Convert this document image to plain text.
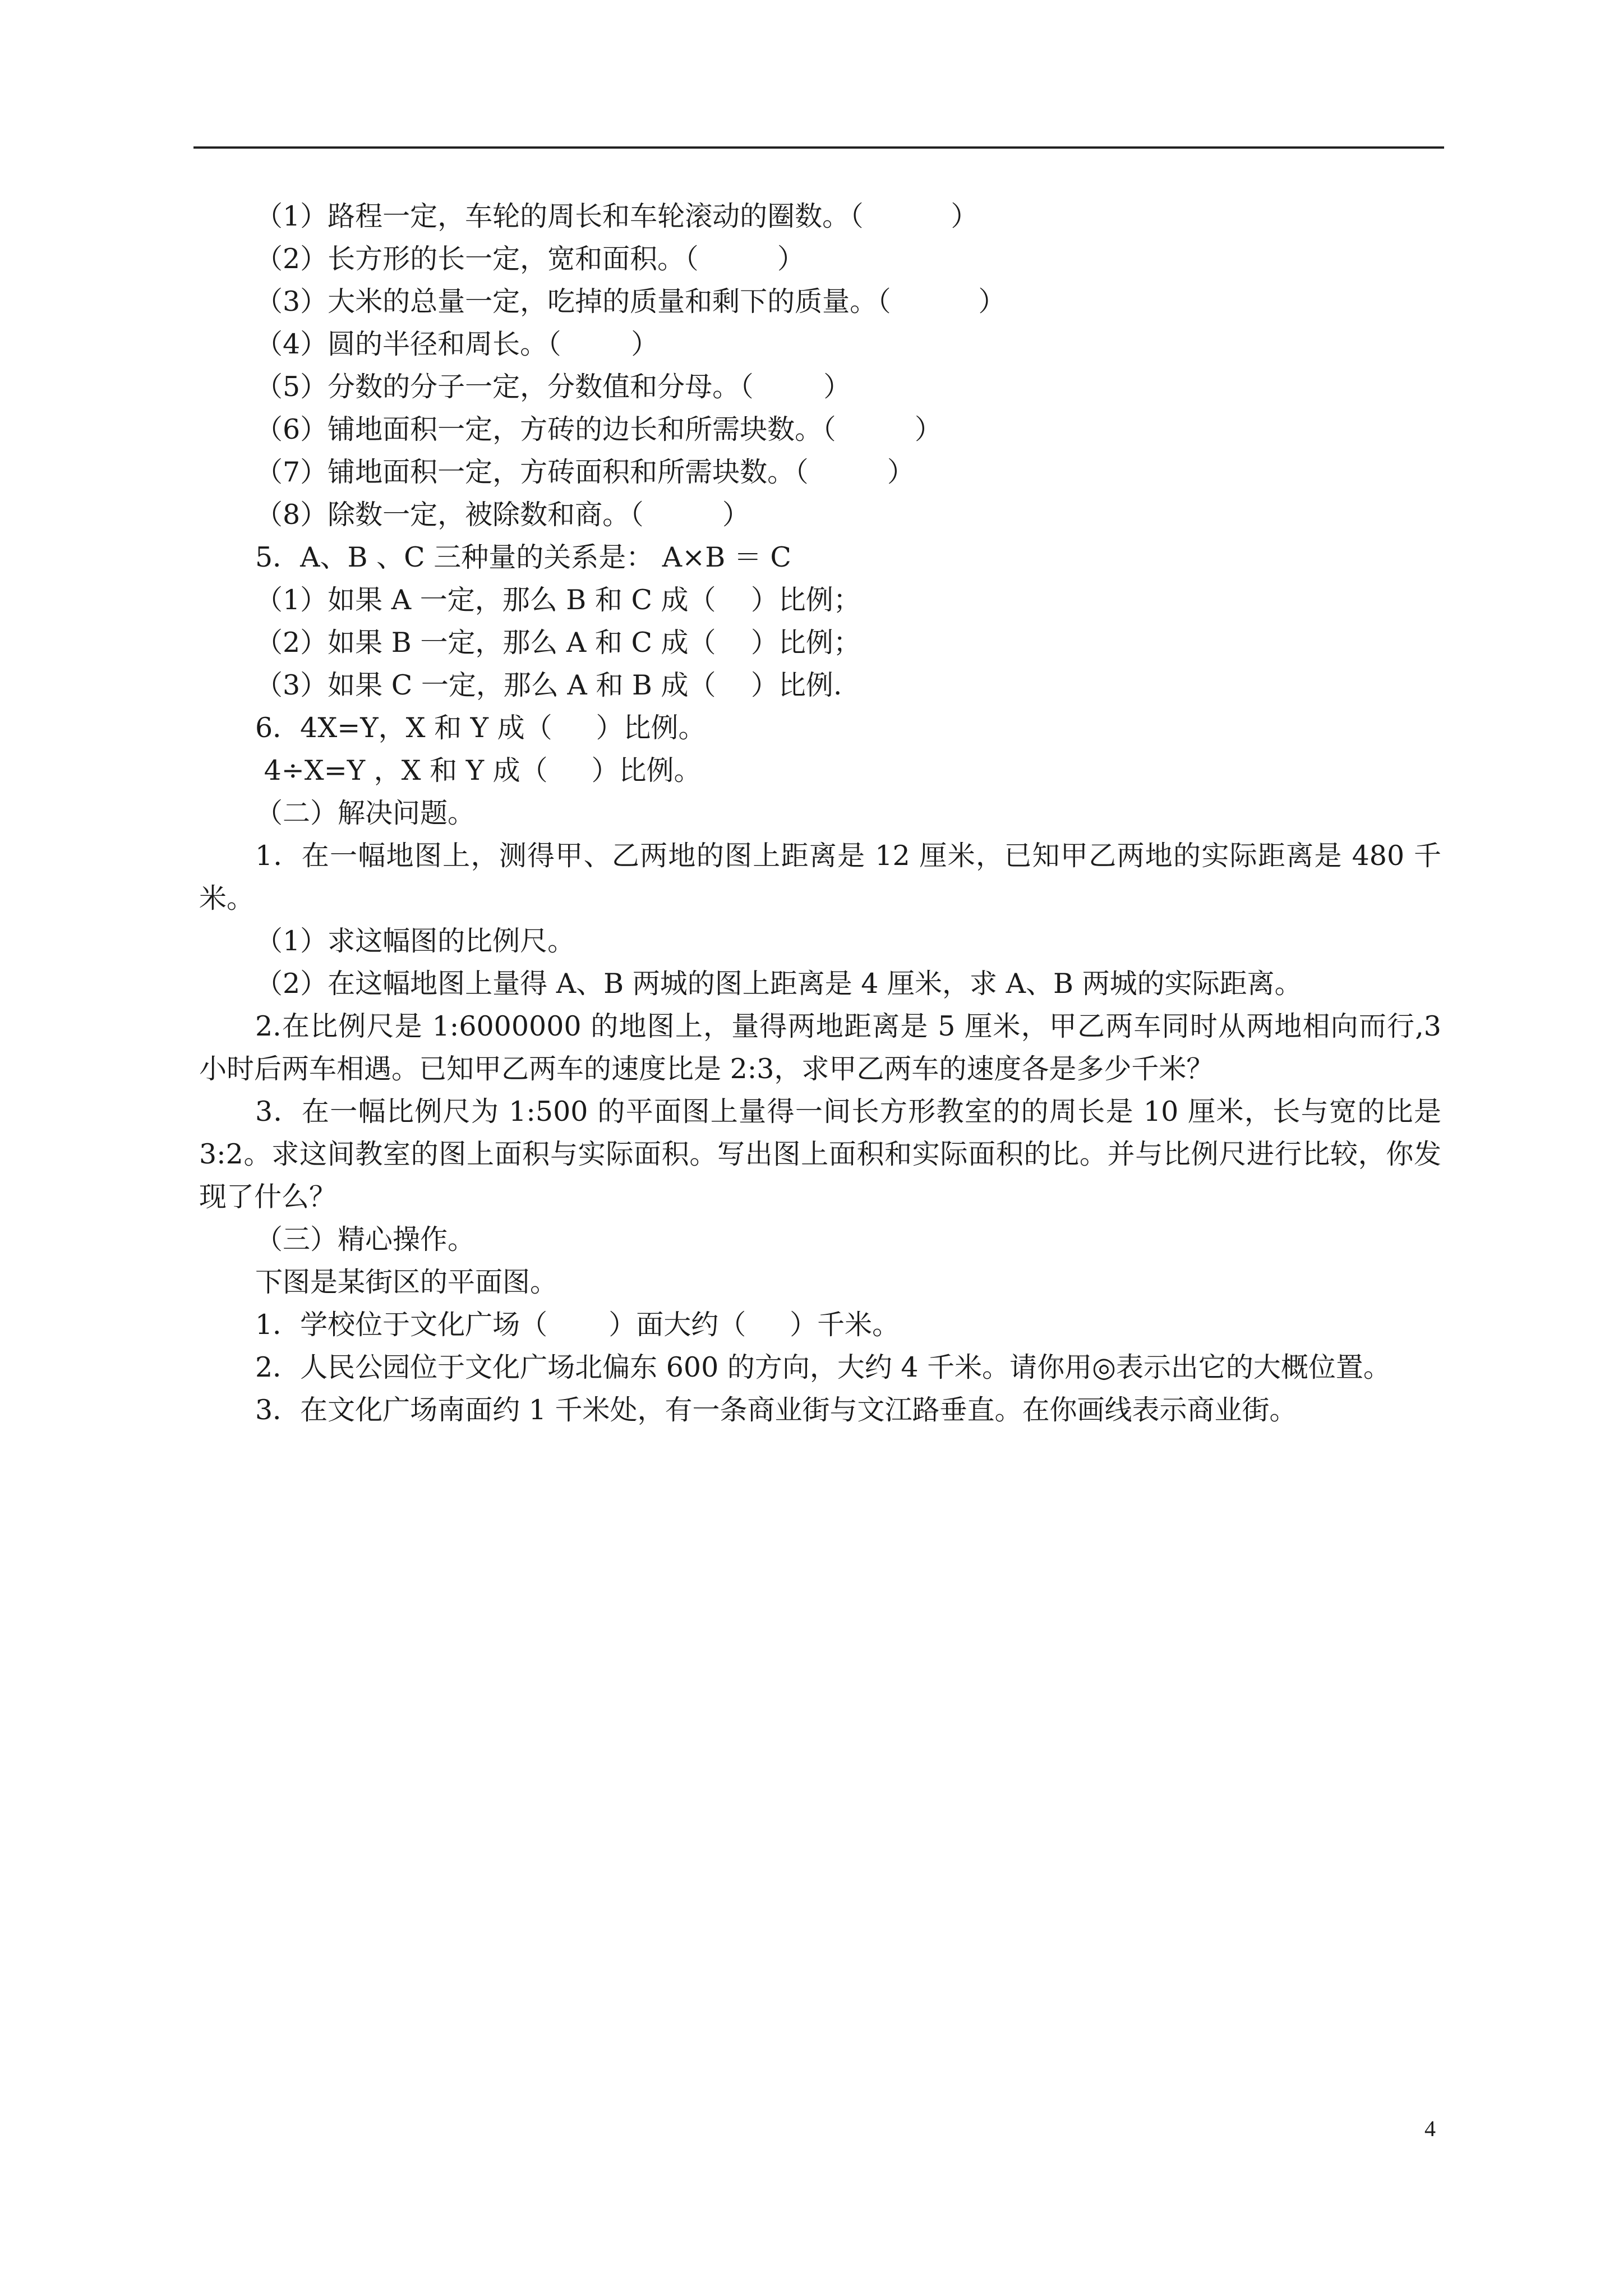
（1）路程一定，车轮的周长和车轮滚动的圈数。（          ）
（2）长方形的长一定，宽和面积。（         ）
（3）大米的总量一定，吃掉的质量和剩下的质量。（          ）
（4）圆的半径和周长。（        ）
（5）分数的分子一定，分数值和分母。（        ）
（6）铺地面积一定，方砖的边长和所需块数。（         ）
（7）铺地面积一定，方砖面积和所需块数。（         ）
（8）除数一定，被除数和商。（         ）
5．A、B 、C 三种量的关系是： A×B ＝ C
（1）如果 A 一定，那么 B 和 C 成（    ）比例；
（2）如果 B 一定，那么 A 和 C 成（    ）比例；
（3）如果 C 一定，那么 A 和 B 成（    ）比例.
6．4X=Y，X 和 Y 成（     ）比例。
4÷X=Y ，X 和 Y 成（     ）比例。
（二）解决问题。
1．在一幅地图上，测得甲、乙两地的图上距离是 12 厘米，已知甲乙两地的实际距离是 480 千米。
（1）求这幅图的比例尺。
（2）在这幅地图上量得 A、B 两城的图上距离是 4 厘米，求 A、B 两城的实际距离。
2.在比例尺是 1:6000000 的地图上，量得两地距离是 5 厘米，甲乙两车同时从两地相向而行,3 小时后两车相遇。已知甲乙两车的速度比是 2:3，求甲乙两车的速度各是多少千米？
3．在一幅比例尺为 1:500 的平面图上量得一间长方形教室的的周长是 10 厘米，长与宽的比是 3:2。求这间教室的图上面积与实际面积。写出图上面积和实际面积的比。并与比例尺进行比较，你发现了什么？
（三）精心操作。
下图是某街区的平面图。
1．学校位于文化广场（       ）面大约（     ）千米。
2．人民公园位于文化广场北偏东 600 的方向，大约 4 千米。请你用◎表示出它的大概位置。
3．在文化广场南面约 1 千米处，有一条商业街与文江路垂直。在你画线表示商业街。
4
